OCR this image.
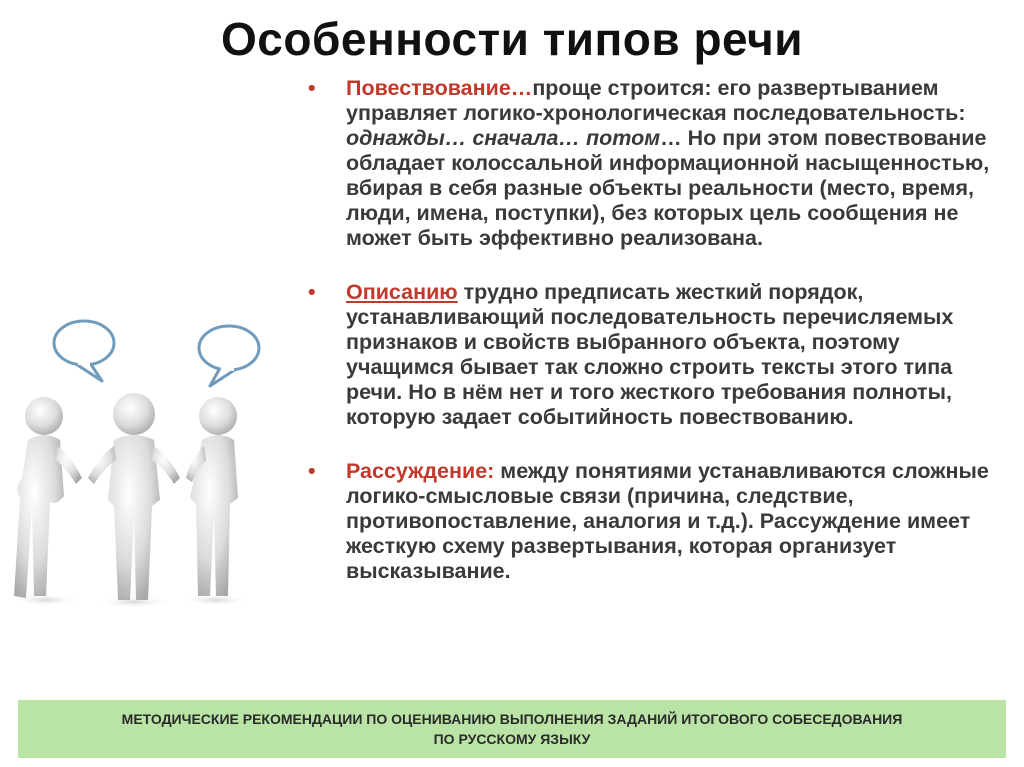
Особенности типов речи
• Повествование…проще строится: его развертыванием управляет логико-хронологическая последовательность: однажды… сначала… потом… Но при этом повествование обладает колоссальной информационной насыщенностью, вбирая в себя разные объекты реальности (место, время, люди, имена, поступки), без которых цель сообщения не может быть эффективно реализована.
• Описанию трудно предписать жесткий порядок, устанавливающий последовательность перечисляемых признаков и свойств выбранного объекта, поэтому учащимся бывает так сложно строить тексты этого типа речи. Но в нём нет и того жесткого требования полноты, которую задает событийность повествованию.
• Рассуждение: между понятиями устанавливаются сложные логико-смысловые связи (причина, следствие, противопоставление, аналогия и т.д.). Рассуждение имеет жесткую схему развертывания, которая организует высказывание.
МЕТОДИЧЕСКИЕ РЕКОМЕНДАЦИИ ПО ОЦЕНИВАНИЮ ВЫПОЛНЕНИЯ ЗАДАНИЙ ИТОГОВОГО СОБЕСЕДОВАНИЯ
ПО РУССКОМУ ЯЗЫКУ
